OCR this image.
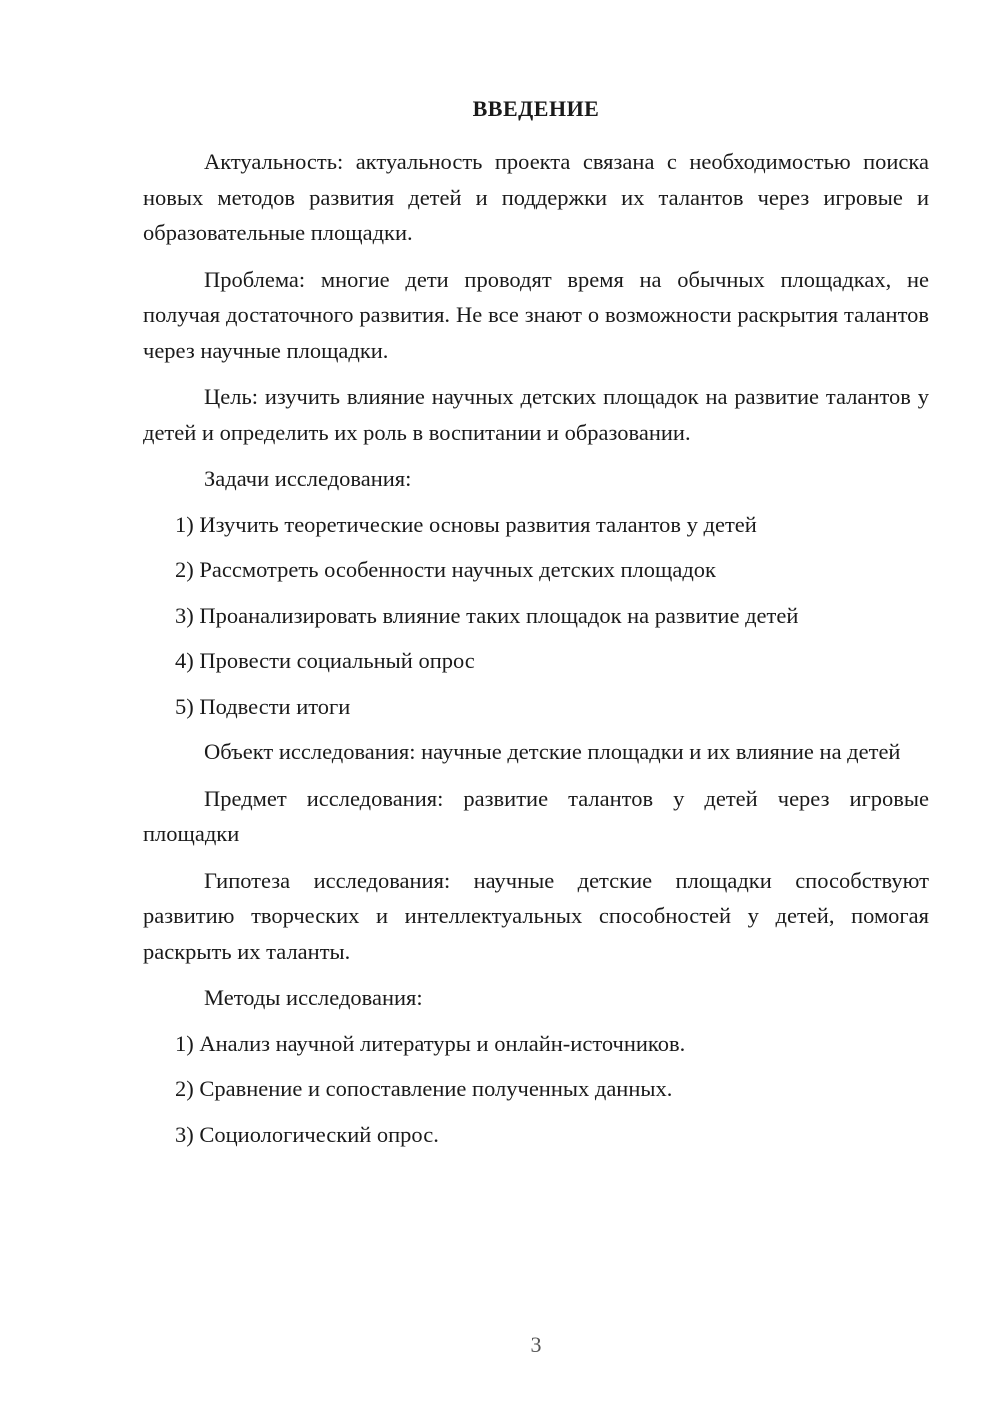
ВВЕДЕНИЕ

Актуальность: актуальность проекта связана с необходимостью поиска новых методов развития детей и поддержки их талантов через игровые и образовательные площадки.

Проблема: многие дети проводят время на обычных площадках, не получая достаточного развития. Не все знают о возможности раскрытия талантов через научные площадки.

Цель: изучить влияние научных детских площадок на развитие талантов у детей и определить их роль в воспитании и образовании.

Задачи исследования:

1) Изучить теоретические основы развития талантов у детей
2) Рассмотреть особенности научных детских площадок
3) Проанализировать влияние таких площадок на развитие детей
4) Провести социальный опрос
5) Подвести итоги

Объект исследования: научные детские площадки и их влияние на детей

Предмет исследования: развитие талантов у детей через игровые площадки

Гипотеза исследования: научные детские площадки способствуют развитию творческих и интеллектуальных способностей у детей, помогая раскрыть их таланты.

Методы исследования:

1) Анализ научной литературы и онлайн-источников.
2) Сравнение и сопоставление полученных данных.
3) Социологический опрос.
3
